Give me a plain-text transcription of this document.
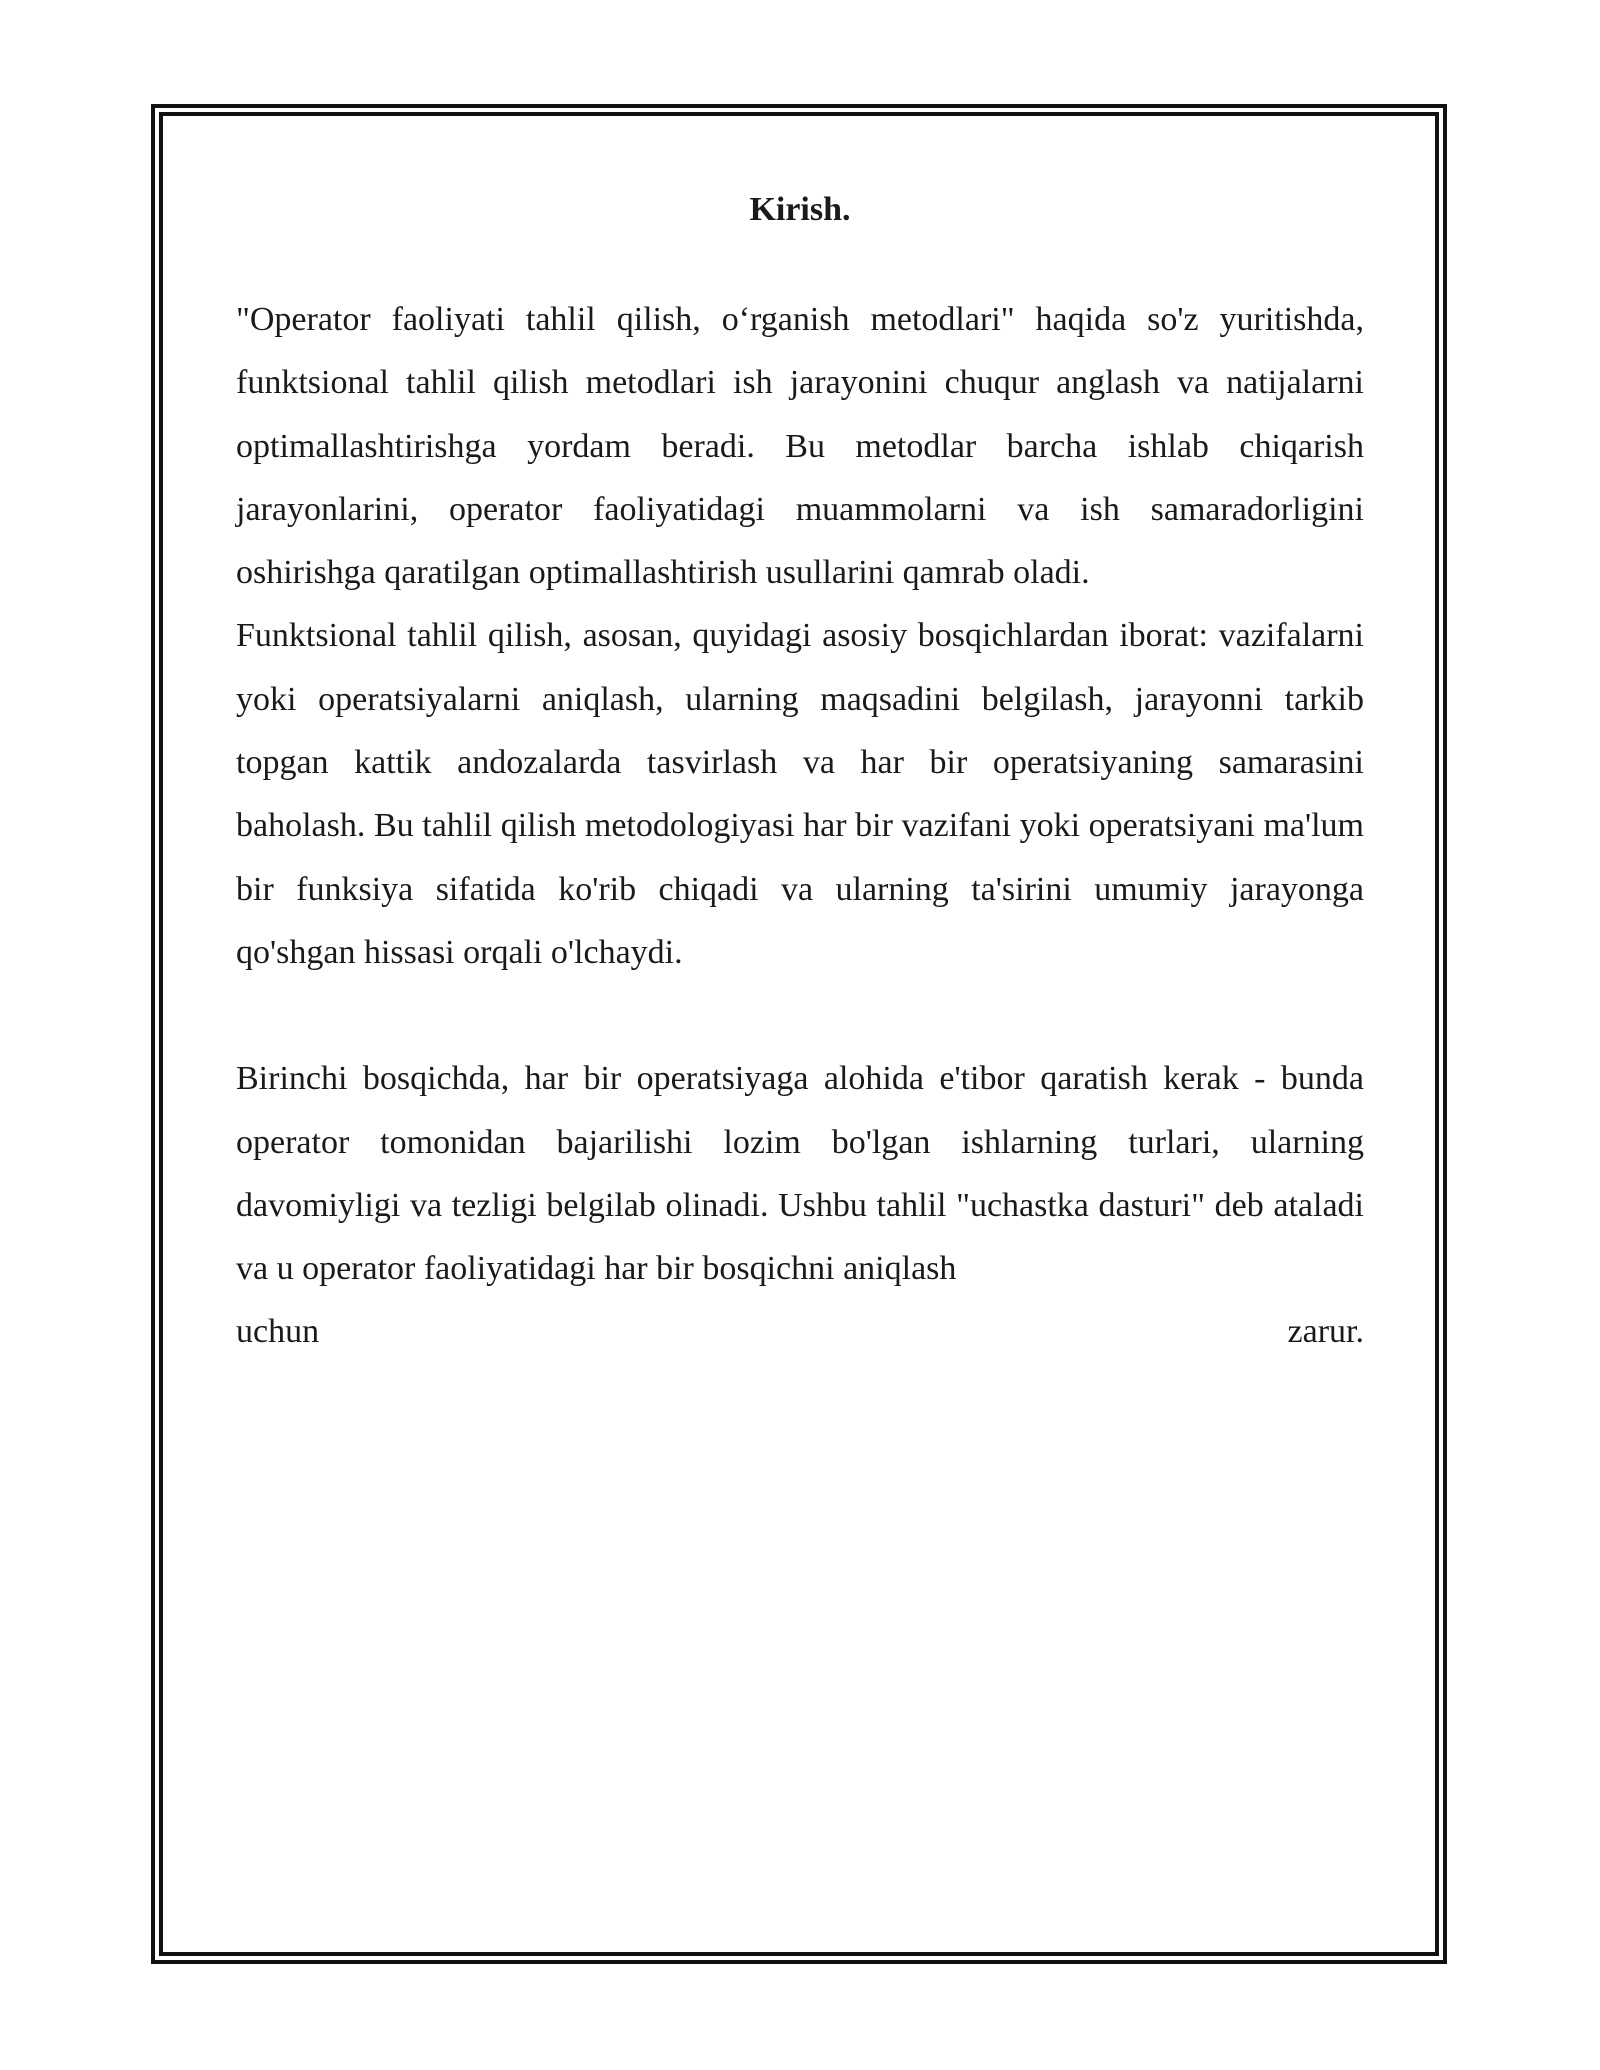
Kirish.

"Operator faoliyati tahlil qilish, o‘rganish metodlari" haqida so'z yuritishda, funktsional tahlil qilish metodlari ish jarayonini chuqur anglash va natijalarni optimallashtirishga yordam beradi. Bu metodlar barcha ishlab chiqarish jarayonlarini, operator faoliyatidagi muammolarni va ish samaradorligini oshirishga qaratilgan optimallashtirish usullarini qamrab oladi.

Funktsional tahlil qilish, asosan, quyidagi asosiy bosqichlardan iborat: vazifalarni yoki operatsiyalarni aniqlash, ularning maqsadini belgilash, jarayonni tarkib topgan kattik andozalarda tasvirlash va har bir operatsiyaning samarasini baholash. Bu tahlil qilish metodologiyasi har bir vazifani yoki operatsiyani ma'lum bir funksiya sifatida ko'rib chiqadi va ularning ta'sirini umumiy jarayonga qo'shgan hissasi orqali o'lchaydi.

Birinchi bosqichda, har bir operatsiyaga alohida e'tibor qaratish kerak - bunda operator tomonidan bajarilishi lozim bo'lgan ishlarning turlari, ularning davomiyligi va tezligi belgilab olinadi. Ushbu tahlil "uchastka dasturi" deb ataladi va u operator faoliyatidagi har bir bosqichni aniqlash

uchun	zarur.
